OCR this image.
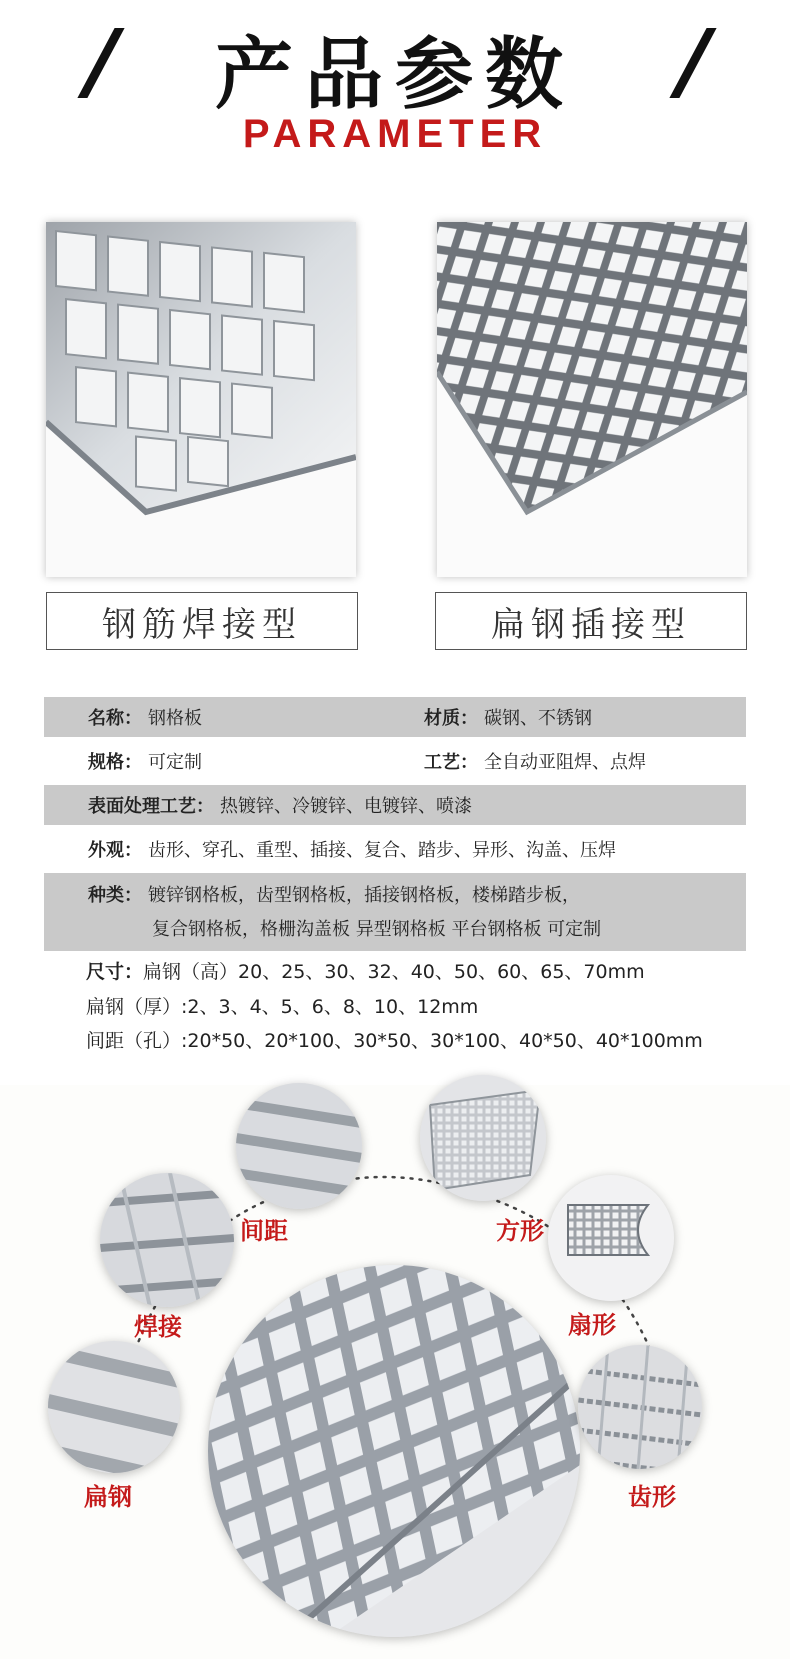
产品参数
PARAMETER
钢筋焊接型	扁钢插接型
名称： 钢格板	材质： 碳钢、不锈钢
规格： 可定制	工艺： 全自动亚阻焊、点焊
表面处理工艺： 热镀锌、冷镀锌、电镀锌、喷漆
外观： 齿形、穿孔、重型、插接、复合、踏步、异形、沟盖、压焊
种类： 镀锌钢格板，齿型钢格板，插接钢格板，楼梯踏步板，
复合钢格板，格栅沟盖板 异型钢格板 平台钢格板 可定制
尺寸：扁钢（高）20、25、30、32、40、50、60、65、70mm
扁钢（厚）:2、3、4、5、6、8、10、12mm
间距（孔）:20*50、20*100、30*50、30*100、40*50、40*100mm
间距	方形
焊接	扇形
扁钢	齿形
